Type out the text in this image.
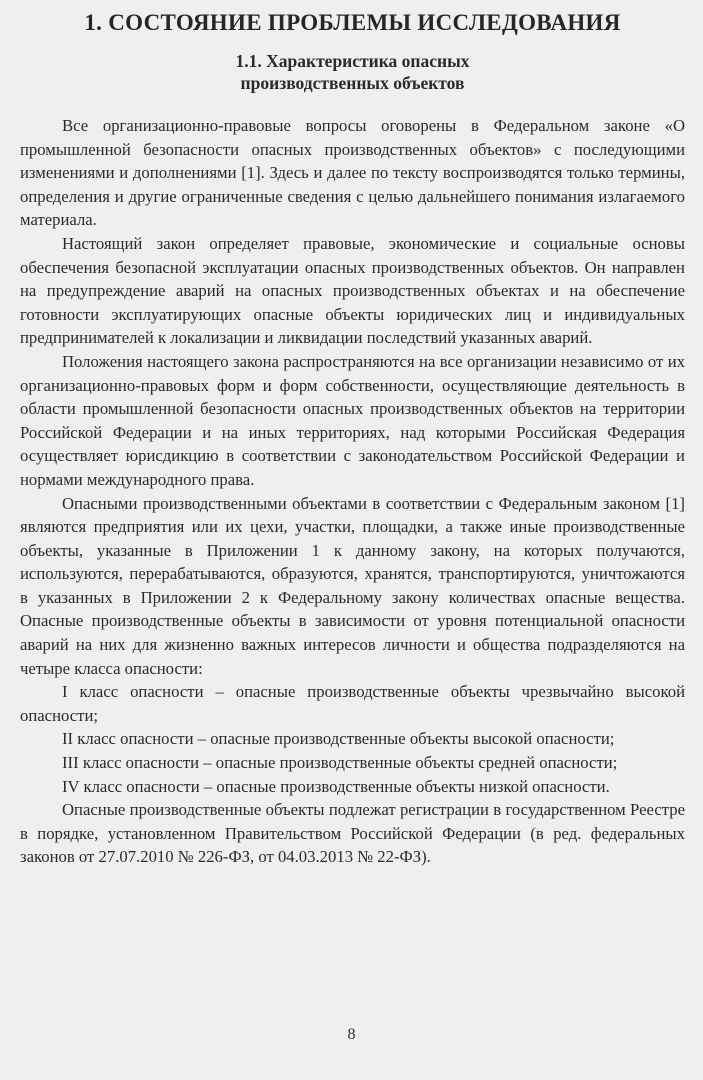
1. СОСТОЯНИЕ ПРОБЛЕМЫ ИССЛЕДОВАНИЯ
1.1. Характеристика опасных
производственных объектов

Все организационно-правовые вопросы оговорены в Федеральном законе «О промышленной безопасности опасных производственных объектов» с последующими изменениями и дополнениями [1]. Здесь и далее по тексту воспроизводятся только термины, определения и другие ограниченные сведения с целью дальнейшего понимания излагаемого материала.

Настоящий закон определяет правовые, экономические и социальные основы обеспечения безопасной эксплуатации опасных производственных объектов. Он направлен на предупреждение аварий на опасных производственных объектах и на обеспечение готовности эксплуатирующих опасные объекты юридических лиц и индивидуальных предпринимателей к локализации и ликвидации последствий указанных аварий.

Положения настоящего закона распространяются на все организации независимо от их организационно-правовых форм и форм собственности, осуществляющие деятельность в области промышленной безопасности опасных производственных объектов на территории Российской Федерации и на иных территориях, над которыми Российская Федерация осуществляет юрисдикцию в соответствии с законодательством Российской Федерации и нормами международного права.

Опасными производственными объектами в соответствии с Федеральным законом [1] являются предприятия или их цехи, участки, площадки, а также иные производственные объекты, указанные в Приложении 1 к данному закону, на которых получаются, используются, перерабатываются, образуются, хранятся, транспортируются, уничтожаются в указанных в Приложении 2 к Федеральному закону количествах опасные вещества. Опасные производственные объекты в зависимости от уровня потенциальной опасности аварий на них для жизненно важных интересов личности и общества подразделяются на четыре класса опасности:

I класс опасности – опасные производственные объекты чрезвычайно высокой опасности;

II класс опасности – опасные производственные объекты высокой опасности;

III класс опасности – опасные производственные объекты средней опасности;

IV класс опасности – опасные производственные объекты низкой опасности.

Опасные производственные объекты подлежат регистрации в государственном Реестре в порядке, установленном Правительством Российской Федерации (в ред. федеральных законов от 27.07.2010 № 226-ФЗ, от 04.03.2013 № 22-ФЗ).

8
